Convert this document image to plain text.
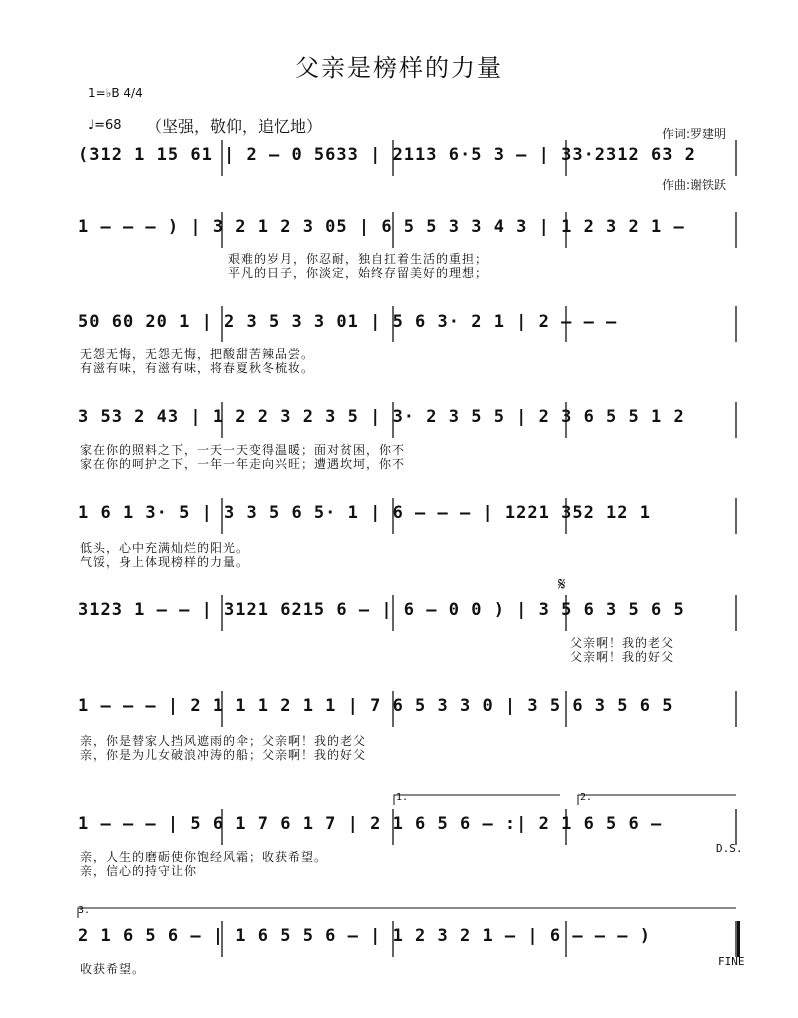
父亲是榜样的力量

作词:罗建明

作曲:谢铁跃

1=♭B 4/4
♩=68 （坚强，敬仰，追忆地）
(312 1 15 61 | 2 – 0 5633 | 2113 6·5 3 – | 33·2312 63 2
1 – – – ) | 3 2 1 2 3 05 | 6 5 5 3 3 4 3 | 1 2 3 2 1 –
艰难的岁月，你忍耐，独自扛着生活的重担；
平凡的日子，你淡定，始终存留美好的理想；
50 60 20 1 | 2 3 5 3 3 01 | 5 6 3· 2 1 | 2 – – –
无怨无悔，无怨无悔，把酸甜苦辣品尝。
有滋有味，有滋有味，将春夏秋冬梳妆。
3 53 2 43 | 1 2 2 3 2 3 5 | 3· 2 3 5 5 | 2 3 6 5 5 1 2
家在你的照料之下，一天一天变得温暖；面对贫困，你不
家在你的呵护之下，一年一年走向兴旺；遭遇坎坷，你不
1 6 1 3· 5 | 3 3 5 6 5· 1 | 6 – – – | 1221 352 12 1
低头，心中充满灿烂的阳光。
气馁，身上体现榜样的力量。
3123 1 – – | 3121 6215 6 – | 6 – 0 0 ) | 3 5 6 3 5 6 5
父亲啊！我的老父
父亲啊！我的好父
1 – – – | 2 1 1 1 2 1 1 | 7 6 5 3 3 0 | 3 5 6 3 5 6 5
亲，你是替家人挡风遮雨的伞；父亲啊！我的老父
亲，你是为儿女破浪冲涛的船；父亲啊！我的好父
1 – – – | 5 6 1 7 6 1 7 | 2 1 6 5 6 – :| 2 1 6 5 6 –
亲，人生的磨砺使你饱经风霜；收获希望。
亲，信心的持守让你
2 1 6 5 6 – | 1 6 5 5 6 – | 1 2 3 2 1 – | 6 – – – )
收获希望。
1.	2.
3.
D.S.
FINE
𝄋
